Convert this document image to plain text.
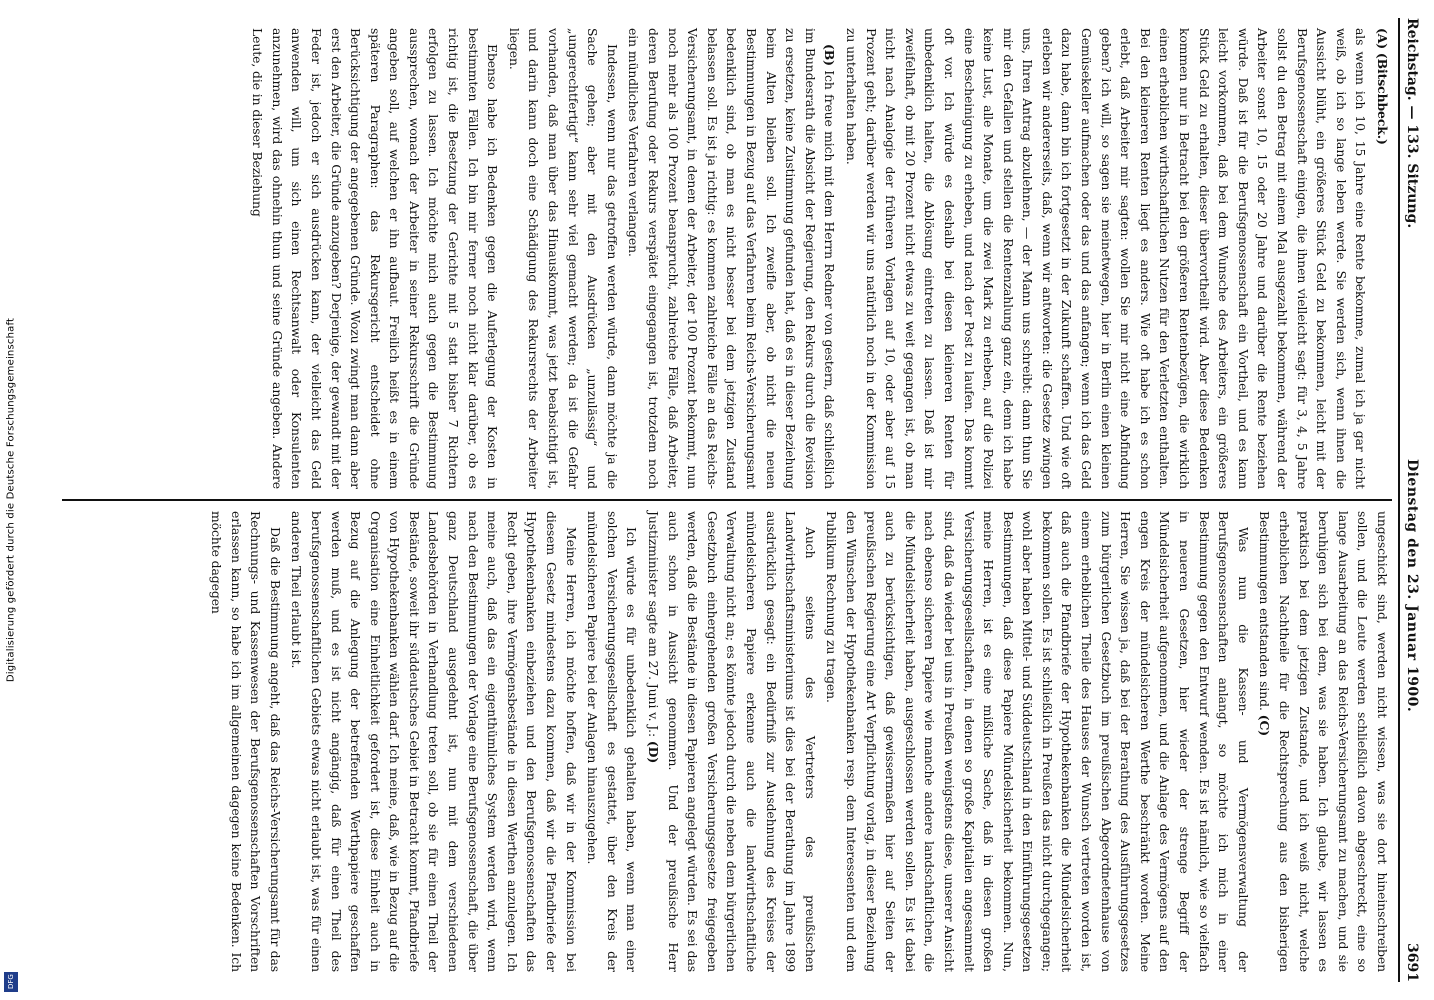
Digitalisierung gefördert durch die Deutsche Forschungsgemeinschaft
DFG
Reichstag. — 133. Sitzung.
Dienstag den 23. Januar 1900.
3691

(A) (Bitschbeck.)

als wenn ich 10, 15 Jahre eine Rente bekomme, zumal ich ja gar nicht weiß, ob ich so lange leben werde. Sie werden sich, wenn ihnen die Aussicht blüht, ein größeres Stück Geld zu bekommen, leicht mit der Berufsgenossenschaft einigen, die ihnen vielleicht sagt: für 3, 4, 5 Jahre sollst du den Betrag mit einem Mal ausgezahlt bekommen, während der Arbeiter sonst 10, 15 oder 20 Jahre und darüber die Rente beziehen würde. Daß ist für die Berufsgenossenschaft ein Vortheil, und es kann leicht vorkommen, daß bei dem Wunsche des Arbeiters, ein größeres Stück Geld zu erhalten, dieser übervortheilt wird. Aber diese Bedenken kommen nur in Betracht bei den größeren Rentenbezügen, die wirklich einen erheblichen wirthschaftlichen Nutzen für den Verletzten enthalten. Bei den kleineren Renten liegt es anders. Wie oft habe ich es schon erlebt, daß Arbeiter mir sagten: wollen Sie mir nicht eine Abfindung geben? ich will, so sagen sie meinetwegen, hier in Berlin einen kleinen Gemüsekeller aufmachen oder das und das anfangen; wenn ich das Geld dazu habe, dann bin ich fortgesetzt in der Zukunft schaffen. Und wie oft erleben wir andererseits, daß, wenn wir antworten: die Gesetze zwingen uns, Ihren Antrag abzulehnen, — der Mann uns schreibt: dann thun Sie mir den Gefallen und stellen die Rentenzahlung ganz ein, denn ich habe keine Lust, alle Monate, um die zwei Mark zu erheben, auf die Polizei eine Bescheinigung zu erheben, und nach der Post zu laufen. Das kommt oft vor. Ich würde es deshalb bei diesen kleineren Renten für unbedenklich halten, die Ablösung eintreten zu lassen. Daß ist mir zweifelhaft, ob mit 20 Prozent nicht etwas zu weit gegangen ist, ob man nicht nach Analogie der früheren Vorlagen auf 10, oder aber auf 15 Prozent geht; darüber werden wir uns natürlich noch in der Kommission zu unterhalten haben.

(B) Ich freue mich mit dem Herrn Redner von gestern, daß schließlich im Bundesrath die Absicht der Regierung, den Rekurs durch die Revision zu ersetzen, keine Zustimmung gefunden hat, daß es in dieser Beziehung beim Alten bleiben soll. Ich zweifle aber, ob nicht die neuen Bestimmungen in Bezug auf das Verfahren beim Reichs-Versicherungsamt bedenklich sind, ob man es nicht besser bei dem jetzigen Zustand belassen soll. Es ist ja richtig: es kommen zahlreiche Fälle an das Reichs-Versicherungsamt, in denen der Arbeiter, der 100 Prozent bekommt, nun noch mehr als 100 Prozent beansprucht, zahlreiche Fälle, daß Arbeiter, deren Berufung oder Rekurs verspätet eingegangen ist, trotzdem noch ein mündliches Verfahren verlangen.

Indessen, wenn nur das getroffen werden würde, dann möchte ja die Sache gehen; aber mit den Ausdrücken „unzulässig“ und „ungerechtfertigt“ kann sehr viel gemacht werden; da ist die Gefahr vorhanden, daß man über das Hinauskommt, was jetzt beabsichtigt ist, und darin kann doch eine Schädigung des Rekursrechts der Arbeiter liegen.

Ebenso habe ich Bedenken gegen die Auferlegung der Kosten in bestimmten Fällen. Ich bin mir ferner noch nicht klar darüber, ob es richtig ist, die Besetzung der Gerichte mit 5 statt bisher 7 Richtern erfolgen zu lassen. Ich möchte mich auch gegen die Bestimmung aussprechen, wonach der Arbeiter in seiner Rekursschrift die Gründe angeben soll, auf welchen er ihn aufbaut. Freilich heißt es in einem späteren Paragraphen: das Rekursgericht entscheidet ohne Berücksichtigung der angegebenen Gründe. Wozu zwingt man dann aber erst den Arbeiter, die Gründe anzugeben? Derjenige, der gewandt mit der Feder ist, jedoch er sich ausdrücken kann, der vielleicht das Geld anwenden will, um sich einen Rechtsanwalt oder Konsulenten anzunehmen, wird das ohnehin thun und seine Gründe angeben. Andere Leute, die in dieser Beziehung

ungeschickt sind, werden nicht wissen, was sie dort hineinschreiben sollen, und die Leute werden schließlich davon abgeschreckt, eine so lange Ausarbeitung an das Reichs-Versicherungsamt zu machen, und sie beruhigen sich bei dem, was sie haben. Ich glaube, wir lassen es praktisch bei dem jetzigen Zustande, und ich weiß nicht, welche erheblichen Nachtheile für die Rechtsprechung aus den bisherigen Bestimmungen entstanden sind. (C)

Was nun die Kassen- und Vermögensverwaltung der Berufsgenossenschaften anlangt, so möchte ich mich in einer Bestimmung gegen den Entwurf wenden. Es ist nämlich, wie so vielfach in neueren Gesetzen, hier wieder der strenge Begriff der Mündelsicherheit aufgenommen, und die Anlage des Vermögens auf den engen Kreis der mündelsicheren Werthe beschränkt worden. Meine Herren, Sie wissen ja, daß bei der Berathung des Ausführungsgesetzes zum bürgerlichen Gesetzbuch im preußischen Abgeordnetenhause von einem erheblichen Theile des Hauses der Wunsch vertreten worden ist, daß auch die Pfandbriefe der Hypothekenbanken die Mündelsicherheit bekommen sollen. Es ist schließlich in Preußen das nicht durchgegangen; wohl aber haben Mittel- und Süddeutschland in den Einführungsgesetzen Bestimmungen, daß diese Papiere Mündelsicherheit bekommen. Nun, meine Herren, ist es eine mißliche Sache, daß in diesen großen Versicherungsgesellschaften, in denen so große Kapitalien angesammelt sind, daß da wieder bei uns in Preußen wenigstens diese, unserer Ansicht nach ebenso sicheren Papiere wie manche andere landschaftlichen, die die Mündelsicherheit haben, ausgeschlossen werden sollen. Es ist dabei auch zu berücksichtigen, daß gewissermaßen hier auf Seiten der preußischen Regierung eine Art Verpflichtung vorlag, in dieser Beziehung den Wünschen der Hypothekenbanken resp. dem Interessenten und dem Publikum Rechnung zu tragen.

Auch seitens des Vertreters des preußischen Landwirthschaftsministeriums ist dies bei der Berathung im Jahre 1899 ausdrücklich gesagt: ein Bedürfniß zur Ausdehnung des Kreises der mündelsicheren Papiere erkenne auch die landwirthschaftliche Verwaltung nicht an; es könnte jedoch durch die neben dem bürgerlichen Gesetzbuch einhergehenden großen Versicherungsgesetze freigegeben werden, daß die Bestände in diesen Papieren angelegt würden. Es sei das auch schon in Aussicht genommen. Und der preußische Herr Justizminister sagte am 27. Juni v. J.: (D)

Ich würde es für unbedenklich gehalten haben, wenn man einer solchen Versicherungsgesellschaft es gestattet, über den Kreis der mündelsicheren Papiere bei der Anlagen hinauszugehen.

Meine Herren, ich möchte hoffen, daß wir in der Kommission bei diesem Gesetz mindestens dazu kommen, daß wir die Pfandbriefe der Hypothekenbanken einbeziehen und den Berufsgenossenschaften das Recht geben, ihre Vermögensbestände in diesen Werthen anzulegen. Ich meine auch, daß das ein eigenthümliches System werden wird, wenn nach den Bestimmungen der Vorlage eine Berufsgenossenschaft, die über ganz Deutschland ausgedehnt ist, nun mit dem verschiedenen Landesbehörden in Verhandlung treten soll, ob sie für einen Theil der Bestände, soweit ihr süddeutsches Gebiet in Betracht kommt, Pfandbriefe von Hypothekenbanken wählen darf. Ich meine, daß, wie in Bezug auf die Organisation eine Einheitlichkeit gefordert ist, diese Einheit auch in Bezug auf die Anlegung der betreffenden Werthpapiere geschaffen werden muß, und es ist nicht angängig, daß für einen Theil des berufsgenossenschaftlichen Gebiets etwas nicht erlaubt ist, was für einen anderen Theil erlaubt ist.

Daß die Bestimmung angeht, daß das Reichs-Versicherungsamt für das Rechnungs- und Kassenwesen der Berufsgenossenschaften Vorschriften erlassen kann, so habe ich im allgemeinen dagegen keine Bedenken. Ich möchte dagegen
